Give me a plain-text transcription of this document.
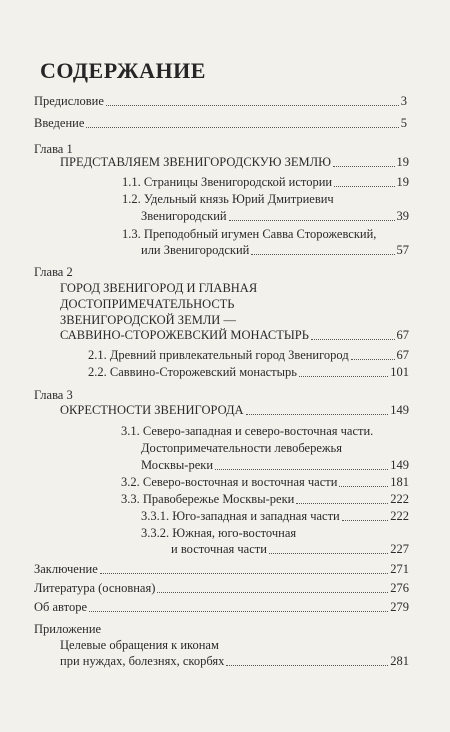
СОДЕРЖАНИЕ
Предисловие	3
Введение	5
Глава 1
ПРЕДСТАВЛЯЕМ ЗВЕНИГОРОДСКУЮ ЗЕМЛЮ	19
1.1. Страницы Звенигородской истории	19
1.2. Удельный князь Юрий Дмитриевич
Звенигородский	39
1.3. Преподобный игумен Савва Сторожевский,
или Звенигородский	57
Глава 2
ГОРОД ЗВЕНИГОРОД И ГЛАВНАЯ
ДОСТОПРИМЕЧАТЕЛЬНОСТЬ
ЗВЕНИГОРОДСКОЙ ЗЕМЛИ —
САВВИНО-СТОРОЖЕВСКИЙ МОНАСТЫРЬ	67
2.1. Древний привлекательный город Звенигород	67
2.2. Саввино-Сторожевский монастырь	101
Глава 3
ОКРЕСТНОСТИ ЗВЕНИГОРОДА	149
3.1. Северо-западная и северо-восточная части.
Достопримечательности левобережья
Москвы-реки	149
3.2. Северо-восточная и восточная части	181
3.3. Правобережье Москвы-реки	222
3.3.1. Юго-западная и западная части	222
3.3.2. Южная, юго-восточная
и восточная части	227
Заключение	271
Литература (основная)	276
Об авторе	279
Приложение
Целевые обращения к иконам
при нуждах, болезнях, скорбях	281
